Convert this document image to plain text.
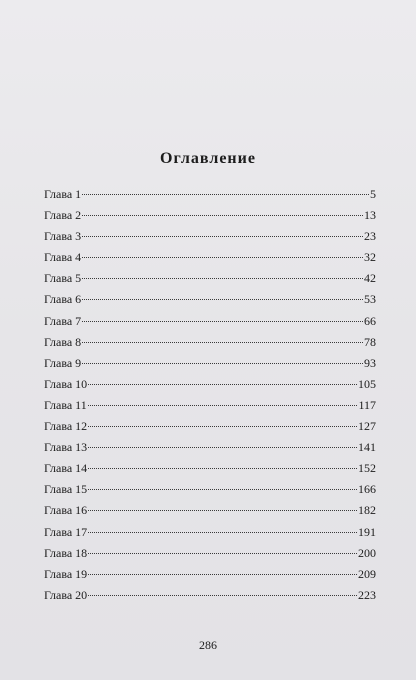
Оглавление
Глава 1	5
Глава 2	13
Глава 3	23
Глава 4	32
Глава 5	42
Глава 6	53
Глава 7	66
Глава 8	78
Глава 9	93
Глава 10	105
Глава 11	117
Глава 12	127
Глава 13	141
Глава 14	152
Глава 15	166
Глава 16	182
Глава 17	191
Глава 18	200
Глава 19	209
Глава 20	223
286
